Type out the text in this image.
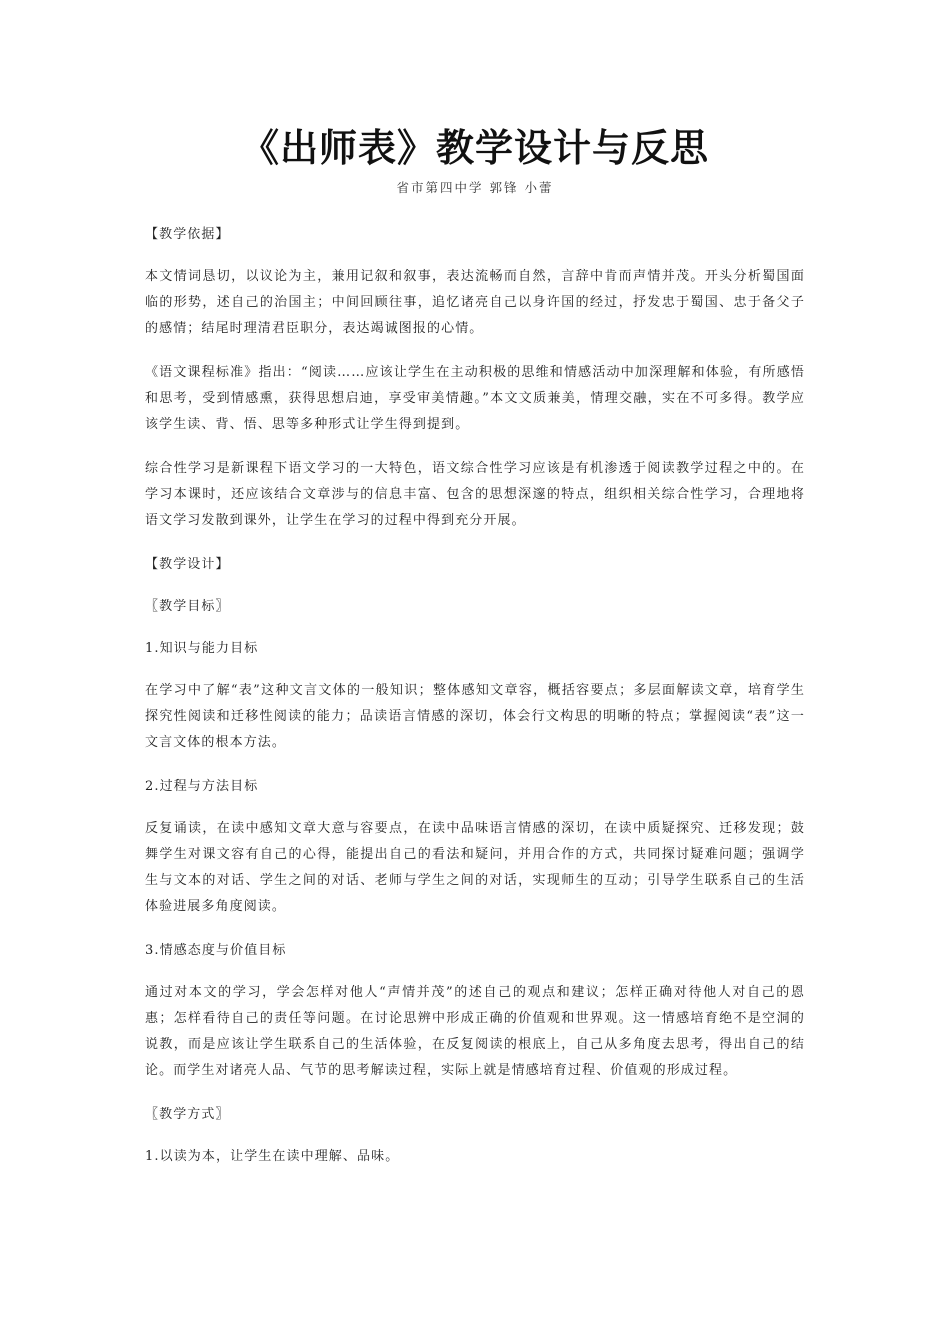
《出师表》教学设计与反思
省市第四中学 郭锋 小蕾
【教学依据】

本文情词恳切，以议论为主，兼用记叙和叙事，表达流畅而自然，言辞中肯而声情并茂。开头分析蜀国面临的形势，述自己的治国主；中间回顾往事，追忆诸亮自己以身许国的经过，抒发忠于蜀国、忠于备父子的感情；结尾时理清君臣职分，表达竭诚图报的心情。

《语文课程标准》指出：“阅读……应该让学生在主动积极的思维和情感活动中加深理解和体验，有所感悟和思考，受到情感熏，获得思想启迪，享受审美情趣。”本文文质兼美，情理交融，实在不可多得。教学应该学生读、背、悟、思等多种形式让学生得到提到。

综合性学习是新课程下语文学习的一大特色，语文综合性学习应该是有机渗透于阅读教学过程之中的。在学习本课时，还应该结合文章涉与的信息丰富、包含的思想深邃的特点，组织相关综合性学习，合理地将语文学习发散到课外，让学生在学习的过程中得到充分开展。

【教学设计】
〖教学目标〗
1.知识与能力目标

在学习中了解“表”这种文言文体的一般知识；整体感知文章容，概括容要点；多层面解读文章，培育学生探究性阅读和迁移性阅读的能力；品读语言情感的深切，体会行文构思的明晰的特点；掌握阅读“表”这一文言文体的根本方法。

2.过程与方法目标

反复诵读，在读中感知文章大意与容要点，在读中品味语言情感的深切，在读中质疑探究、迁移发现；鼓舞学生对课文容有自己的心得，能提出自己的看法和疑问，并用合作的方式，共同探讨疑难问题；强调学生与文本的对话、学生之间的对话、老师与学生之间的对话，实现师生的互动；引导学生联系自己的生活体验进展多角度阅读。

3.情感态度与价值目标

通过对本文的学习，学会怎样对他人“声情并茂”的述自己的观点和建议；怎样正确对待他人对自己的恩惠；怎样看待自己的责任等问题。在讨论思辨中形成正确的价值观和世界观。这一情感培育绝不是空洞的说教，而是应该让学生联系自己的生活体验，在反复阅读的根底上，自己从多角度去思考，得出自己的结论。而学生对诸亮人品、气节的思考解读过程，实际上就是情感培育过程、价值观的形成过程。

〖教学方式〗
1.以读为本，让学生在读中理解、品味。
